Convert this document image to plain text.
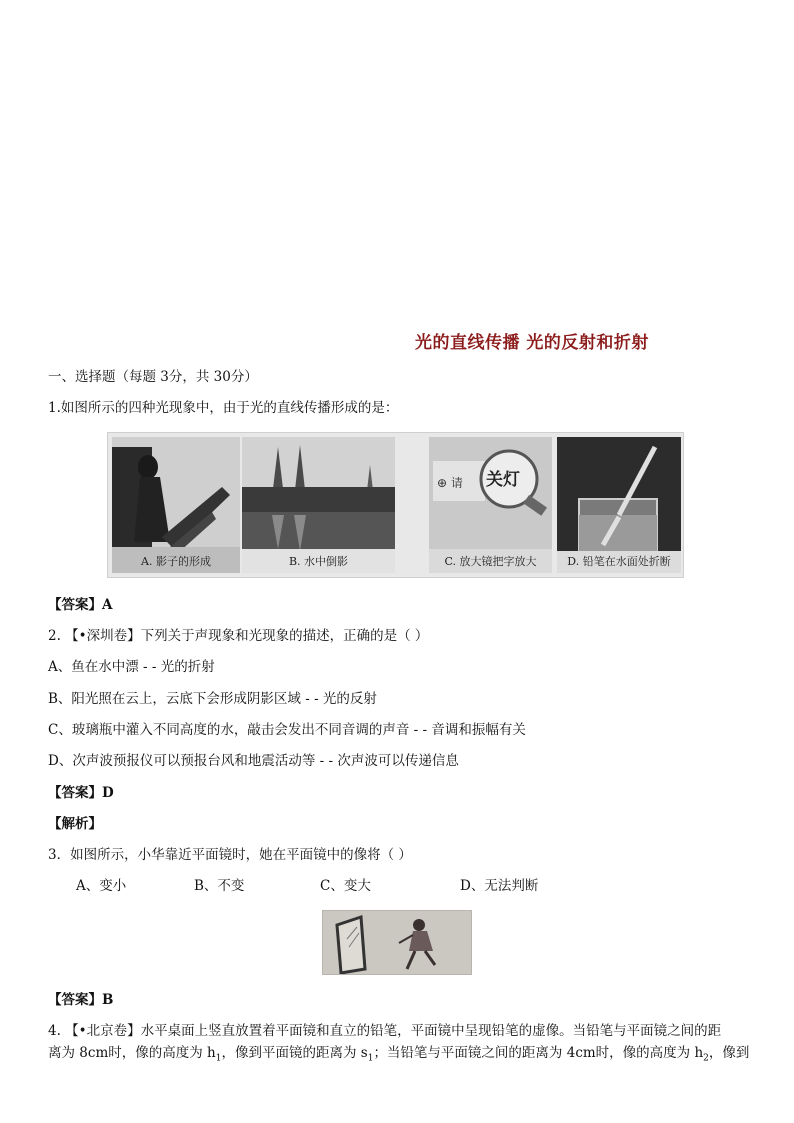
光的直线传播 光的反射和折射
一、选择题（每题 3分，共 30分）
1.如图所示的四种光现象中，由于光的直线传播形成的是：
A. 影子的形成	B. 水中倒影
⊕ 请 关灯
C. 放大镜把字放大	D. 铅笔在水面处折断
【答案】A
2. 【•深圳卷】下列关于声现象和光现象的描述，正确的是（ ）
A、鱼在水中漂 - - 光的折射
B、阳光照在云上，云底下会形成阴影区域 - - 光的反射
C、玻璃瓶中灌入不同高度的水，敲击会发出不同音调的声音 - - 音调和振幅有关
D、次声波预报仪可以预报台风和地震活动等 - - 次声波可以传递信息
【答案】D
【解析】
3．如图所示，小华靠近平面镜时，她在平面镜中的像将（ ）
A、变小	B、不变	C、变大	D、无法判断
【答案】B
4. 【•北京卷】水平桌面上竖直放置着平面镜和直立的铅笔，平面镜中呈现铅笔的虚像。当铅笔与平面镜之间的距
离为 8cm时，像的高度为 $h_1$，像到平面镜的距离为 $s_1$；当铅笔与平面镜之间的距离为 4cm时，像的高度为 $h_2$，像到
